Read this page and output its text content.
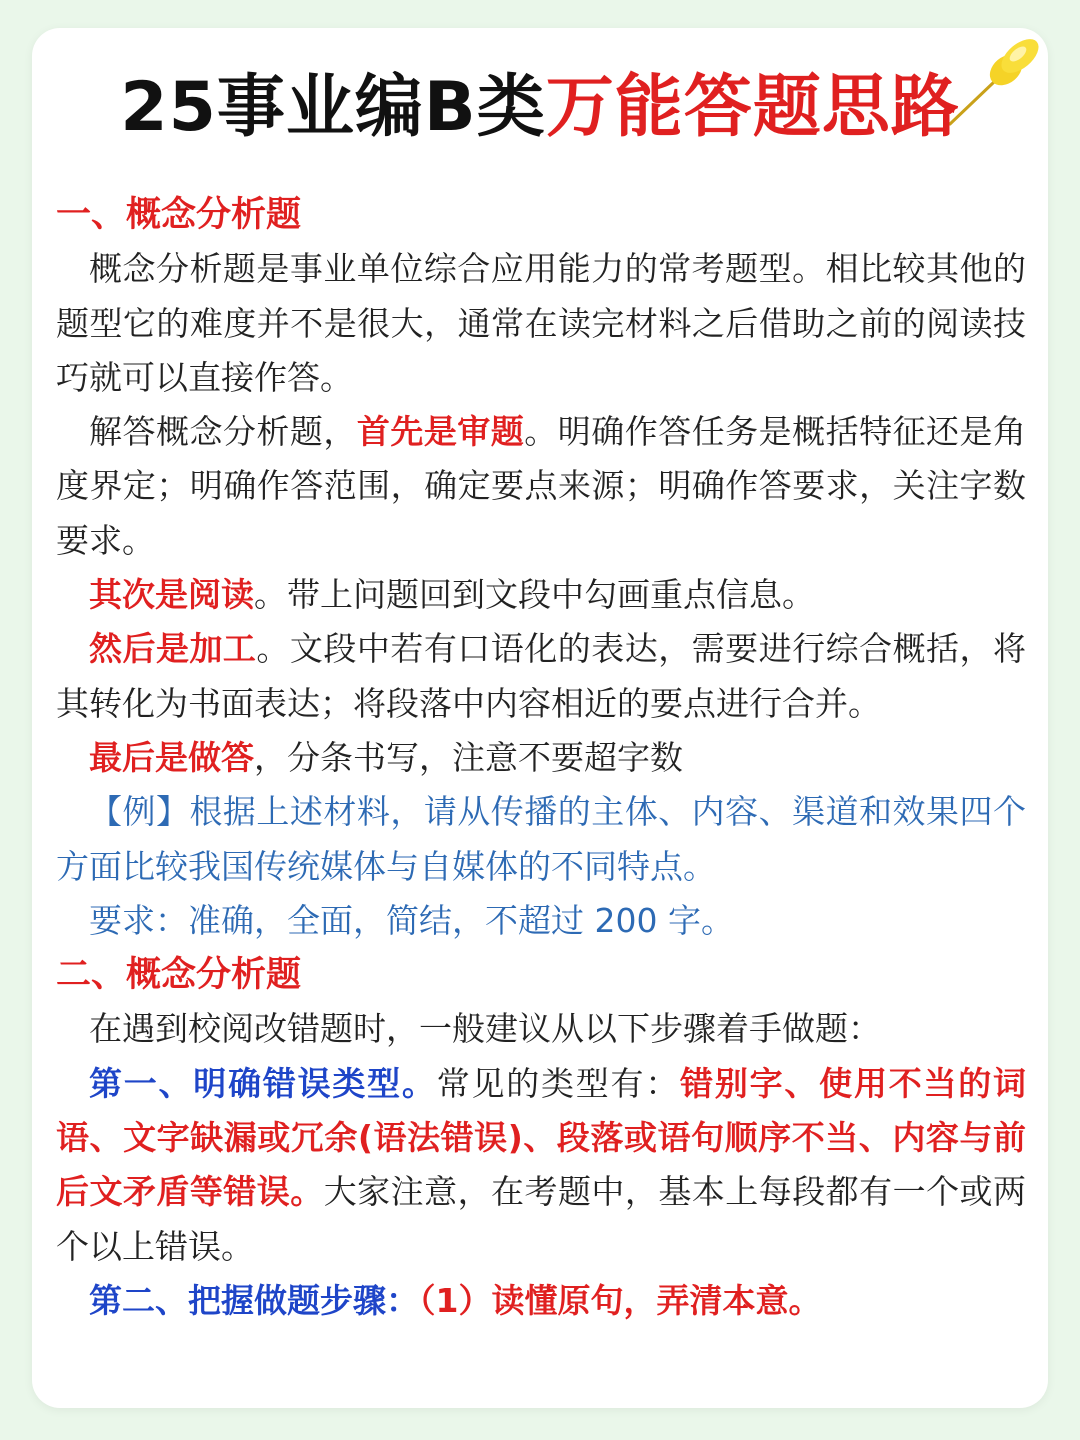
25事业编B类万能答题思路
一、概念分析题

概念分析题是事业单位综合应用能力的常考题型。相比较其他的题型它的难度并不是很大，通常在读完材料之后借助之前的阅读技巧就可以直接作答。

解答概念分析题，首先是审题。明确作答任务是概括特征还是角度界定；明确作答范围，确定要点来源；明确作答要求，关注字数要求。

其次是阅读。带上问题回到文段中勾画重点信息。

然后是加工。文段中若有口语化的表达，需要进行综合概括，将其转化为书面表达；将段落中内容相近的要点进行合并。

最后是做答，分条书写，注意不要超字数

【例】根据上述材料，请从传播的主体、内容、渠道和效果四个方面比较我国传统媒体与自媒体的不同特点。

要求：准确，全面，简结，不超过 200 字。

二、概念分析题

在遇到校阅改错题时，一般建议从以下步骤着手做题：

第一、明确错误类型。常见的类型有：错别字、使用不当的词语、文字缺漏或冗余(语法错误)、段落或语句顺序不当、内容与前后文矛盾等错误。大家注意，在考题中，基本上每段都有一个或两个以上错误。

第二、把握做题步骤：（1）读懂原句，弄清本意。
